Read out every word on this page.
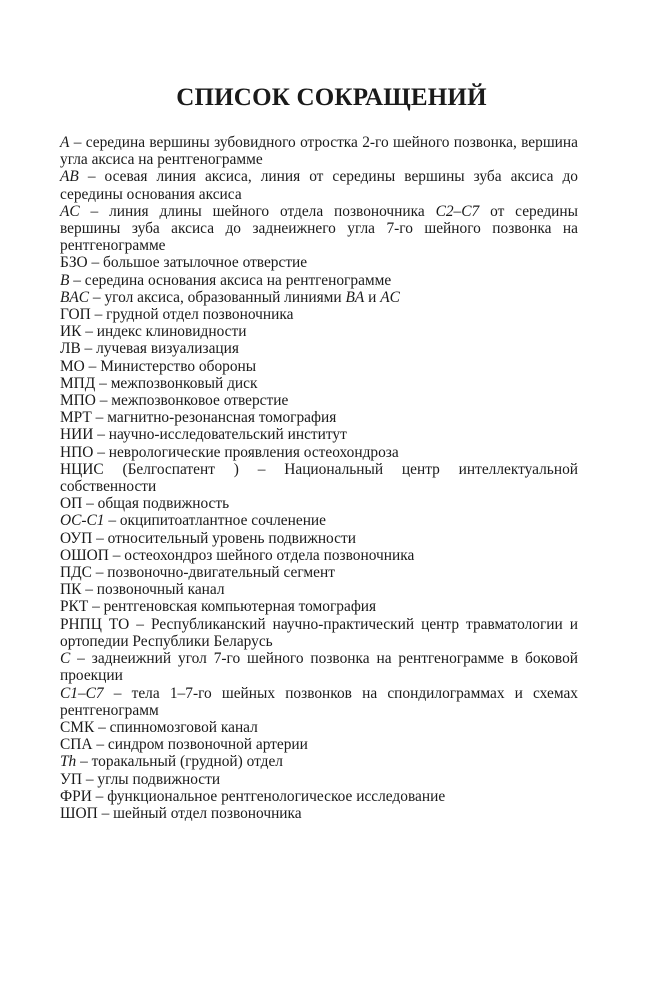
СПИСОК СОКРАЩЕНИЙ
A – середина вершины зубовидного отростка 2-го шейного позвонка, вершина угла аксиса на рентгенограмме
AB – осевая линия аксиса, линия от середины вершины зуба аксиса до середины основания аксиса
AC – линия длины шейного отдела позвоночника C2–C7 от середины вершины зуба аксиса до заднеижнего угла 7-го шейного позвонка на рентгенограмме
БЗО – большое затылочное отверстие
B – середина основания аксиса на рентгенограмме
BAC – угол аксиса, образованный линиями BA и AC
ГОП – грудной отдел позвоночника
ИК – индекс клиновидности
ЛВ – лучевая визуализация
МО – Министерство обороны
МПД – межпозвонковый диск
МПО – межпозвонковое отверстие
МРТ – магнитно-резонансная томография
НИИ – научно-исследовательский институт
НПО – неврологические проявления остеохондроза
НЦИС (Белгоспатент ) – Национальный центр интеллектуальной собственности
ОП – общая подвижность
OC-C1 – окципитоатлантное сочленение
ОУП – относительный уровень подвижности
ОШОП – остеохондроз шейного отдела позвоночника
ПДС – позвоночно-двигательный сегмент
ПК – позвоночный канал
РКТ – рентгеновская компьютерная томография
РНПЦ ТО – Республиканский научно-практический центр травматологии и ортопедии Республики Беларусь
C – заднеижний угол 7-го шейного позвонка на рентгенограмме в боковой проекции
C1–C7 – тела 1–7-го шейных позвонков на спондилограммах и схемах рентгенограмм
СМК – спинномозговой канал
СПА – синдром позвоночной артерии
Th – торакальный (грудной) отдел
УП – углы подвижности
ФРИ – функциональное рентгенологическое исследование
ШОП – шейный отдел позвоночника
